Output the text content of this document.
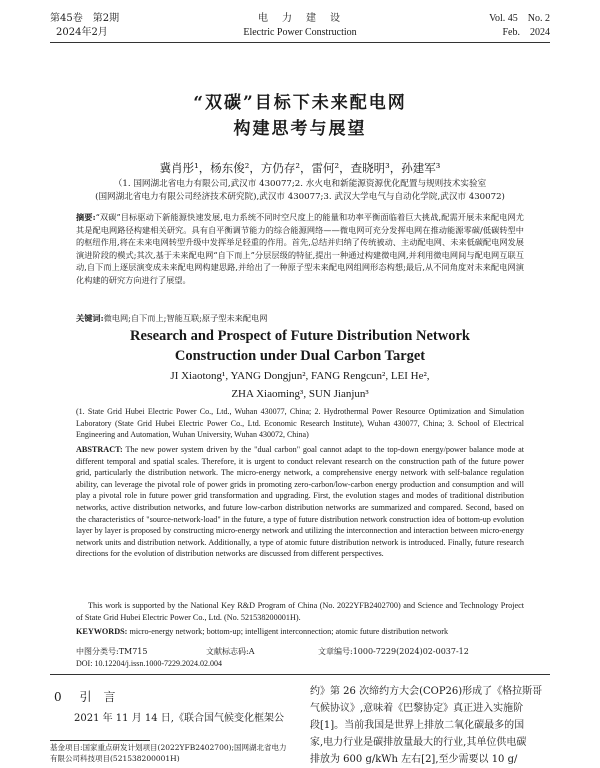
第45卷　第2期
2024年2月
电　力　建　设
Electric Power Construction
Vol. 45　No. 2
Feb.　2024
“双碳”目标下未来配电网
构建思考与展望
冀肖彤¹，杨东俊²，方仍存²，雷何²，查晓明³，孙建军³
（1. 国网湖北省电力有限公司,武汉市 430077;2. 水火电和新能源资源优化配置与规则技术实验室
(国网湖北省电力有限公司经济技术研究院),武汉市 430077;3. 武汉大学电气与自动化学院,武汉市 430072)
摘要:“双碳”目标驱动下新能源快速发展,电力系统不同时空尺度上的能量和功率平衡面临着巨大挑战,配需开展未来配电网尤其是配电网路径构建相关研究。具有自平衡调节能力的综合能源网络——微电网可充分发挥电网在推动能源零碳/低碳转型中的枢纽作用,将在未来电网转型升级中发挥举足轻重的作用。首先,总结并归纳了传统被动、主动配电网、未来低碳配电网发展演进阶段的模式;其次,基于未来配电网“自下而上”分层层级的特征,提出一种通过构建微电网,并利用微电网间与配电网互联互动,自下而上逐层演变成未来配电网构建思路,并给出了一种原子型未来配电网组网形态构想;最后,从不同角度对未来配电网演化构建的研究方向进行了展望。
关键词:微电网;自下而上;智能互联;原子型未来配电网
Research and Prospect of Future Distribution Network
Construction under Dual Carbon Target
JI Xiaotong¹, YANG Dongjun², FANG Rengcun², LEI He²,
ZHA Xiaoming³, SUN Jianjun³
(1. State Grid Hubei Electric Power Co., Ltd., Wuhan 430077, China; 2. Hydrothermal Power Resource Optimization and Simulation Laboratory (State Grid Hubei Electric Power Co., Ltd. Economic Research Institute), Wuhan 430077, China; 3. School of Electrical Engineering and Automation, Wuhan University, Wuhan 430072, China)
ABSTRACT: The new power system driven by the "dual carbon" goal cannot adapt to the top-down energy/power balance mode at different temporal and spatial scales. Therefore, it is urgent to conduct relevant research on the construction path of the future power grid, particularly the distribution network. The micro-energy network, a comprehensive energy network with self-balance regulation ability, can leverage the pivotal role of power grids in promoting zero-carbon/low-carbon energy production and consumption and will play a pivotal role in future power grid transformation and upgrading. First, the evolution stages and modes of traditional distribution networks, active distribution networks, and future low-carbon distribution networks are summarized and compared. Second, based on the characteristics of "source-network-load" in the future, a type of future distribution network construction idea of bottom-up evolution layer by layer is proposed by constructing micro-energy network and utilizing the interconnection and interaction between micro-energy network units and distribution network. Additionally, a type of atomic future distribution network is introduced. Finally, future research directions for the evolution of distribution networks are discussed from different perspectives.
This work is supported by the National Key R&D Program of China (No. 2022YFB2402700) and Science and Technology Project of State Grid Hubei Electric Power Co., Ltd. (No. 521538200001H).
KEYWORDS: micro-energy network; bottom-up; intelligent interconnection; atomic future distribution network
中图分类号:TM715	文献标志码:A	文章编号:1000-7229(2024)02-0037-12
DOI: 10.12204/j.issn.1000-7229.2024.02.004
0 引　言
2021 年 11 月 14 日,《联合国气候变化框架公
基金项目:国家重点研发计划项目(2022YFB2402700);国网湖北省电力有限公司科技项目(521538200001H)
约》第 26 次缔约方大会(COP26)形成了《格拉斯哥
气候协议》,意味着《巴黎协定》真正进入实施阶
段[1]。当前我国是世界上排放二氧化碳最多的国
家,电力行业是碳排放量最大的行业,其单位供电碳
排放为 600 g/kWh 左右[2],至少需要以 10 g/
